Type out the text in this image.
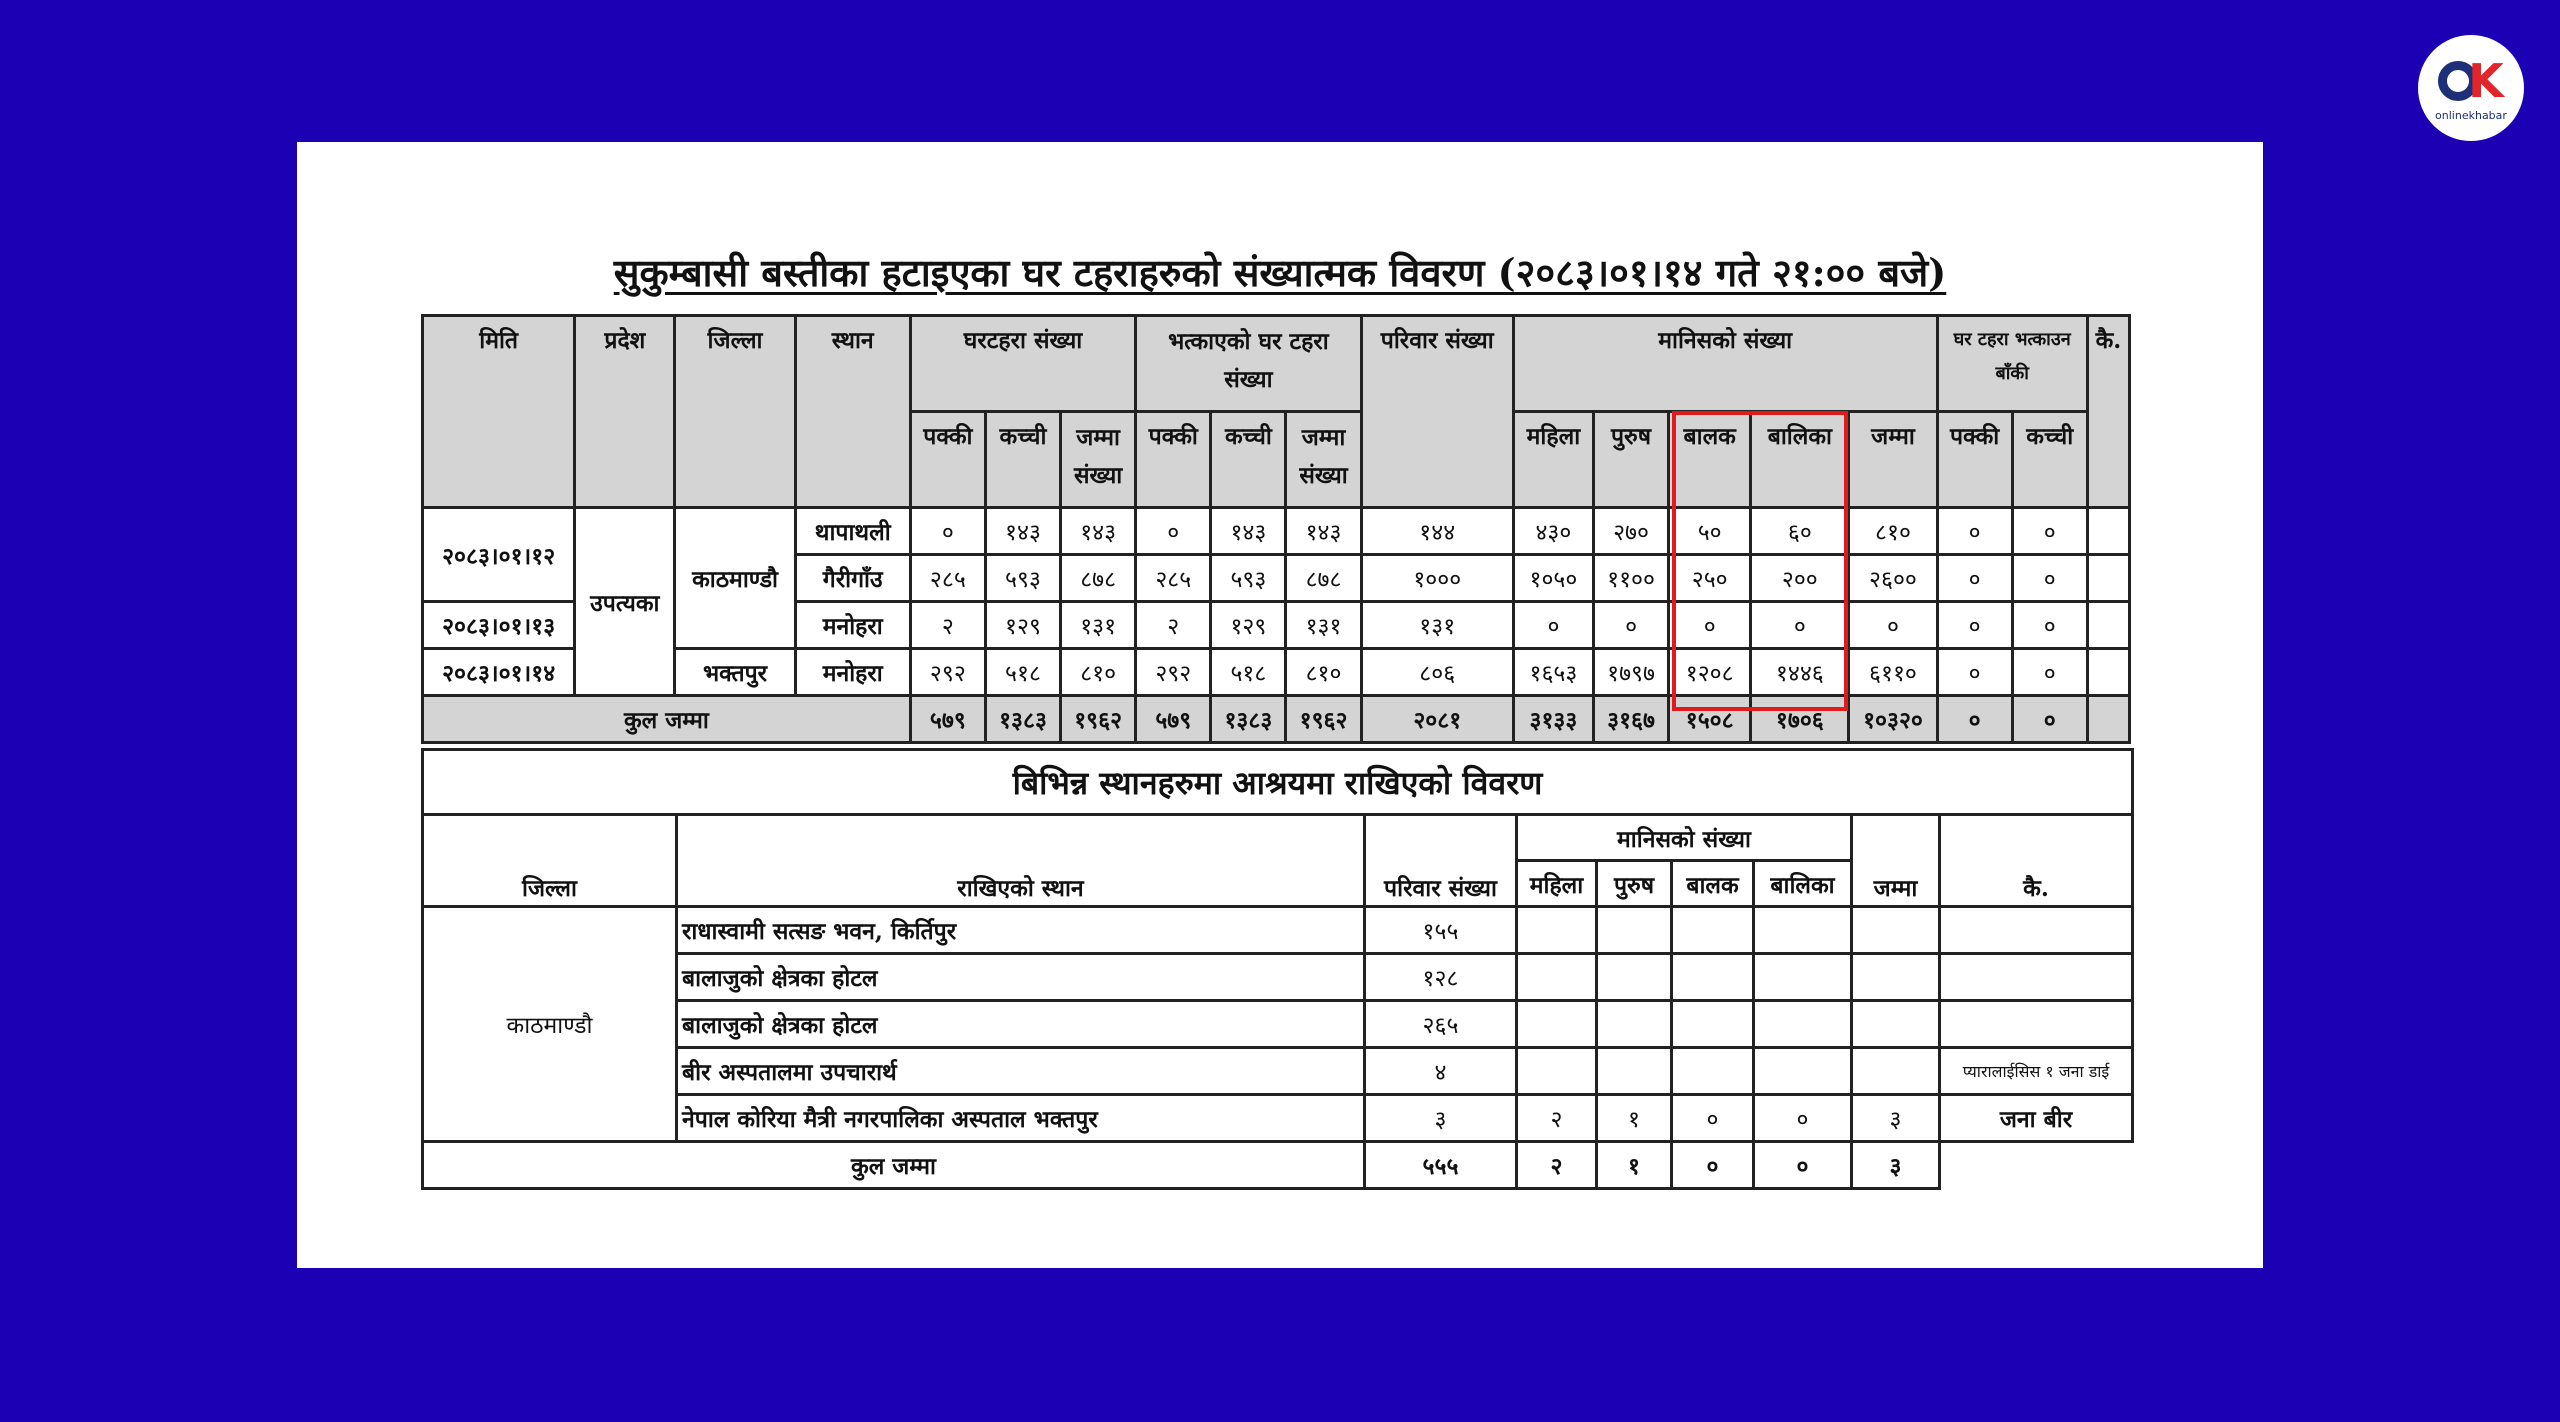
K
onlinekhabar
सुकुम्बासी बस्तीका हटाइएका घर टहराहरुको संख्यात्मक विवरण (२०८३।०१।१४ गते २१:०० बजे)
मिति	प्रदेश	जिल्ला	स्थान	घरटहरा संख्या			भत्काएको घर टहरा संख्या			परिवार संख्या	मानिसको संख्या					घर टहरा भत्काउन बाँकी		कै.
				पक्की	कच्ची	जम्मा संख्या	पक्की	कच्ची	जम्मा संख्या		महिला	पुरुष	बालक	बालिका	जम्मा	पक्की	कच्ची	
२०८३।०१।१२	उपत्यका	काठमाण्डौ	थापाथली	०	१४३	१४३	०	१४३	१४३	१४४	४३०	२७०	५०	६०	८१०	०	०	
			गैरीगाँउ	२८५	५९३	८७८	२८५	५९३	८७८	१०००	१०५०	११००	२५०	२००	२६००	०	०	
२०८३।०१।१३			मनोहरा	२	१२९	१३१	२	१२९	१३१	१३१	०	०	०	०	०	०	०	
२०८३।०१।१४		भक्तपुर	मनोहरा	२९२	५१८	८१०	२९२	५१८	८१०	८०६	१६५३	१७९७	१२०८	१४४६	६११०	०	०	
कुल जम्मा				५७९	१३८३	१९६२	५७९	१३८३	१९६२	२०८१	३१३३	३१६७	१५०८	१७०६	१०३२०	०	०	
बिभिन्न स्थानहरुमा आश्रयमा राखिएको विवरण								
जिल्ला	राखिएको स्थान	परिवार संख्या	मानिसको संख्या				जम्मा	कै.
			महिला	पुरुष	बालक	बालिका		
काठमाण्डौ	राधास्वामी सत्सङ भवन, किर्तिपुर	१५५						
	बालाजुको क्षेत्रका होटल	१२८						
	बालाजुको क्षेत्रका होटल	२६५						
	बीर अस्पतालमा उपचारार्थ	४						प्यारालाईसिस १ जना डाई
	नेपाल कोरिया मैत्री नगरपालिका अस्पताल भक्तपुर	३	२	१	०	०	३	जना बीर
कुल जम्मा		५५५	२	१	०	०	३	
